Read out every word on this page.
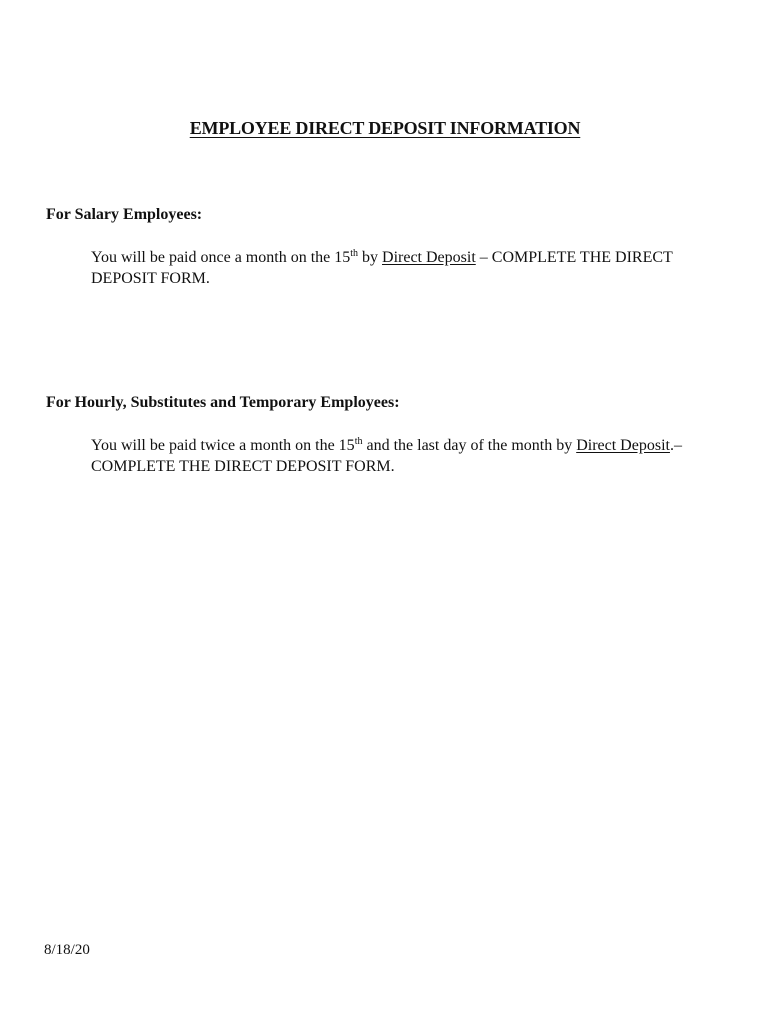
EMPLOYEE DIRECT DEPOSIT INFORMATION
For Salary Employees:
You will be paid once a month on the 15th by Direct Deposit – COMPLETE THE DIRECT DEPOSIT FORM.
For Hourly, Substitutes and Temporary Employees:
You will be paid twice a month on the 15th and the last day of the month by Direct Deposit.– COMPLETE THE DIRECT DEPOSIT FORM.
8/18/20
